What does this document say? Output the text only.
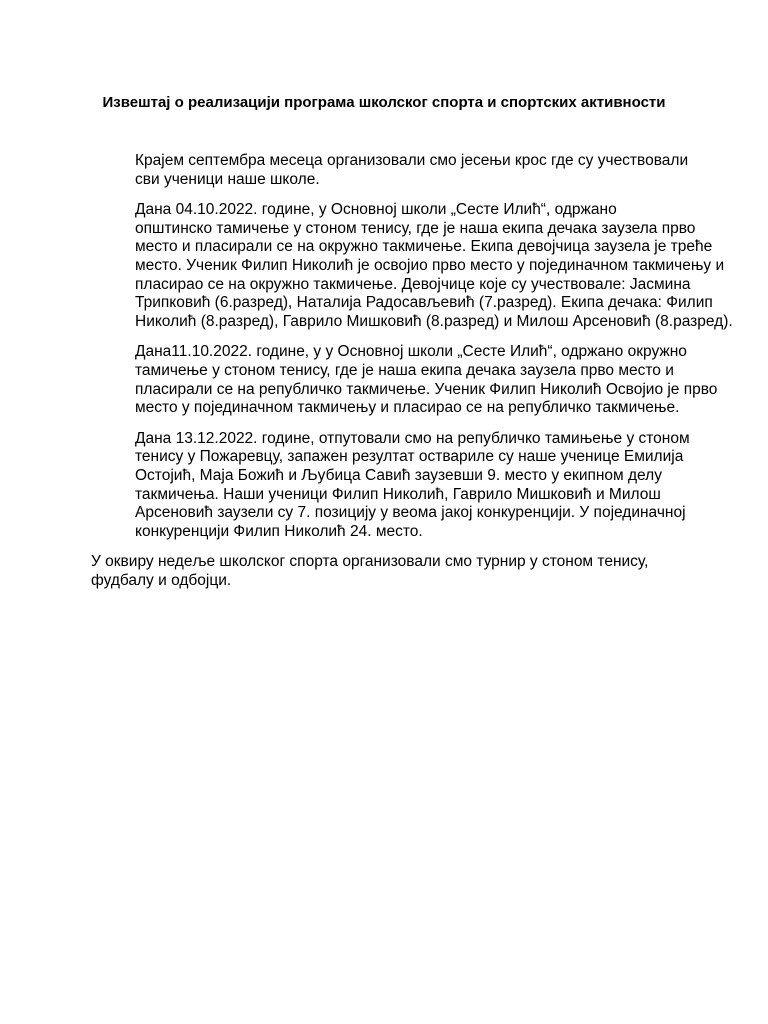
Извештај о реализацији програма школског спорта и спортских активности

Крајем септембра месеца организовали смо јесењи крос где су учествовали
сви ученици наше школе.

Дана 04.10.2022. године, у Основној школи „Сесте Илић“, одржано
општинско тамичење у стоном тенису, где је наша екипа дечака заузела прво
место и пласирали се на окружно такмичење. Екипа девојчица заузела је треће
место. Ученик Филип Николић је освојио прво место у појединачном такмичењу и
пласирао се на окружно такмичење. Девојчице које су учествовале: Јасмина
Трипковић (6.разред), Наталија Радосављевић (7.разред). Екипа дечака: Филип
Николић (8.разред), Гаврило Мишковић (8.разред) и Милош Арсеновић (8.разред).

Дана11.10.2022. године, у у Основној школи „Сесте Илић“, одржано окружно
тамичење у стоном тенису, где је наша екипа дечака заузела прво место и
пласирали се на републичко такмичење. Ученик Филип Николић Освојио је прво
место у појединачном такмичењу и пласирао се на републичко такмичење.

Дана 13.12.2022. године, отпутовали смо на републичко тамињење у стоном
тенису у Пожаревцу, запажен резултат оствариле су наше ученице Емилија
Остојић, Маја Божић и Љубица Савић заузевши 9. место у екипном делу
такмичења. Наши ученици Филип Николић, Гаврило Мишковић и Милош
Арсеновић заузели су 7. позицију у веома јакој конкуренцији. У појединачној
конкуренцији Филип Николић 24. место.

У оквиру недеље школског спорта организовали смо турнир у стоном тенису,
фудбалу и одбојци.
